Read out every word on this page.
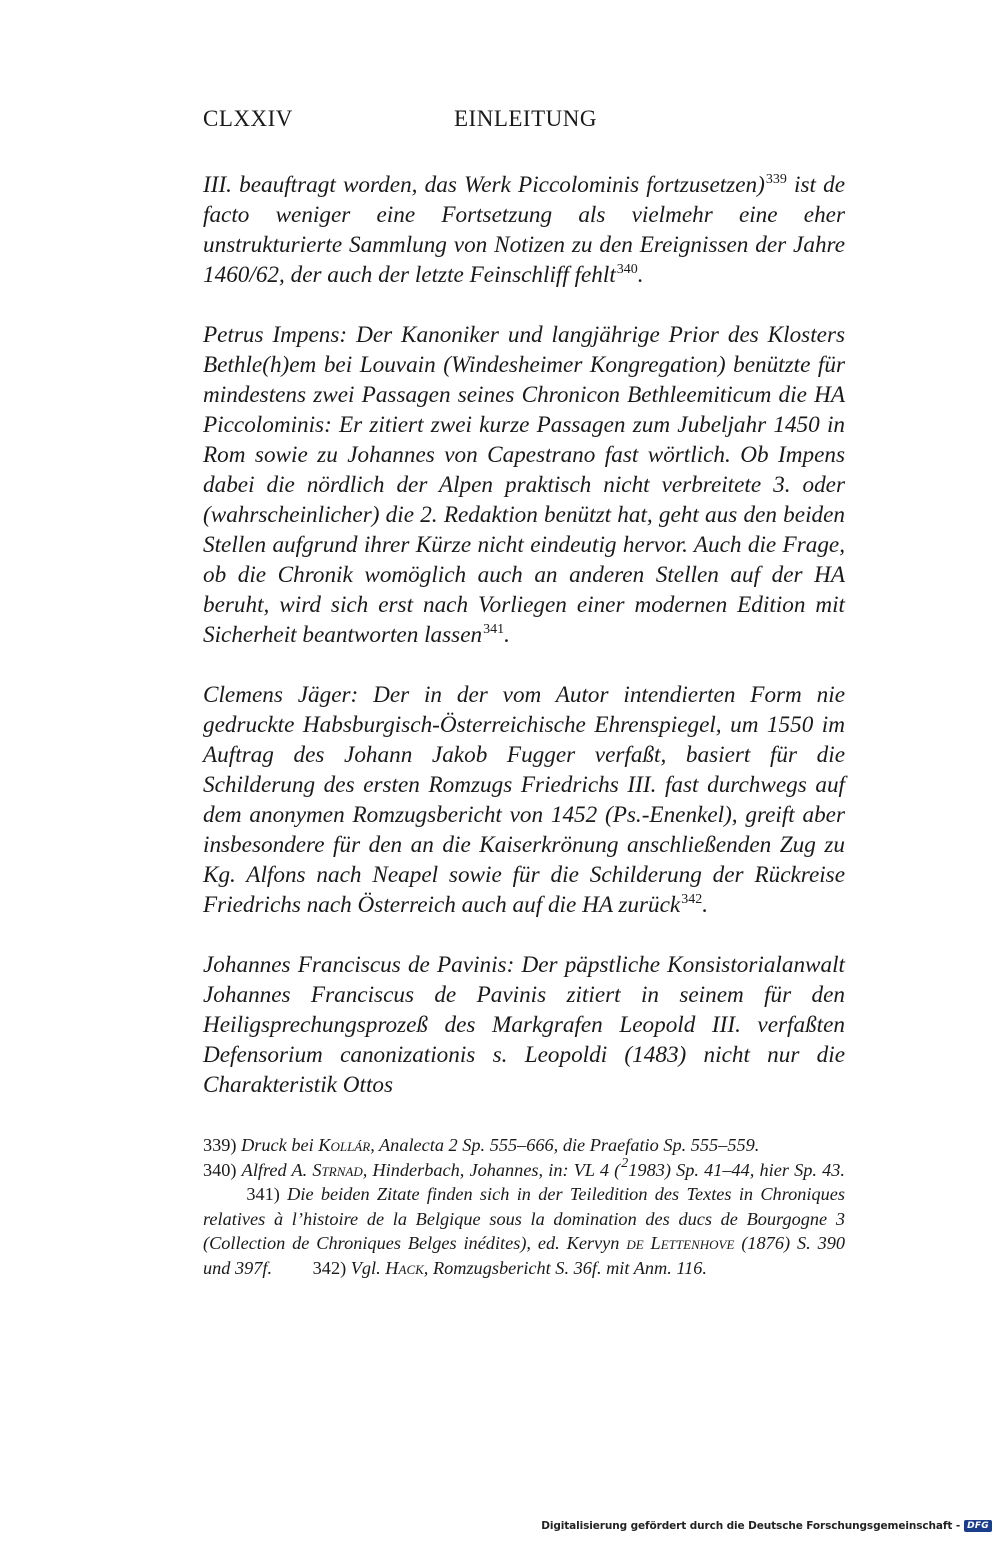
CLXXIV	EINLEITUNG

III. beauftragt worden, das Werk Piccolominis fortzusetzen)$^{339}$ ist de facto weniger eine Fortsetzung als vielmehr eine eher unstrukturierte Sammlung von Notizen zu den Ereignissen der Jahre 1460/62, der auch der letzte Feinschliff fehlt$^{340}$.

Petrus Impens: Der Kanoniker und langjährige Prior des Klosters Bethle(h)em bei Louvain (Windesheimer Kongregation) benützte für mindestens zwei Passagen seines Chronicon Bethleemiticum die HA Piccolominis: Er zitiert zwei kurze Passagen zum Jubeljahr 1450 in Rom sowie zu Johannes von Capestrano fast wörtlich. Ob Impens dabei die nördlich der Alpen praktisch nicht verbreitete 3. oder (wahrscheinlicher) die 2. Redaktion benützt hat, geht aus den beiden Stellen aufgrund ihrer Kürze nicht eindeutig hervor. Auch die Frage, ob die Chronik womöglich auch an anderen Stellen auf der HA beruht, wird sich erst nach Vorliegen einer modernen Edition mit Sicherheit beantworten lassen$^{341}$.

Clemens Jäger: Der in der vom Autor intendierten Form nie gedruckte Habsburgisch-Österreichische Ehrenspiegel, um 1550 im Auftrag des Johann Jakob Fugger verfaßt, basiert für die Schilderung des ersten Romzugs Friedrichs III. fast durchwegs auf dem anonymen Romzugsbericht von 1452 (Ps.-Enenkel), greift aber insbesondere für den an die Kaiserkrönung anschließenden Zug zu Kg. Alfons nach Neapel sowie für die Schilderung der Rückreise Friedrichs nach Österreich auch auf die HA zurück$^{342}$.

Johannes Franciscus de Pavinis: Der päpstliche Konsistorialanwalt Johannes Franciscus de Pavinis zitiert in seinem für den Heiligsprechungsprozeß des Markgrafen Leopold III. verfaßten Defensorium canonizationis s. Leopoldi (1483) nicht nur die Charakteristik Ottos

339) Druck bei Kollár, Analecta 2 Sp. 555–666, die Praefatio Sp. 555–559.
340) Alfred A. Strnad, Hinderbach, Johannes, in: VL 4 ($^2$1983) Sp. 41–44, hier Sp. 43. 341) Die beiden Zitate finden sich in der Teiledition des Textes in Chroniques relatives à l’histoire de la Belgique sous la domination des ducs de Bourgogne 3 (Collection de Chroniques Belges inédites), ed. Kervyn de Lettenhove (1876) S. 390 und 397f. 342) Vgl. Hack, Romzugsbericht S. 36f. mit Anm. 116.
Digitalisierung gefördert durch die Deutsche Forschungsgemeinschaft - DFG
